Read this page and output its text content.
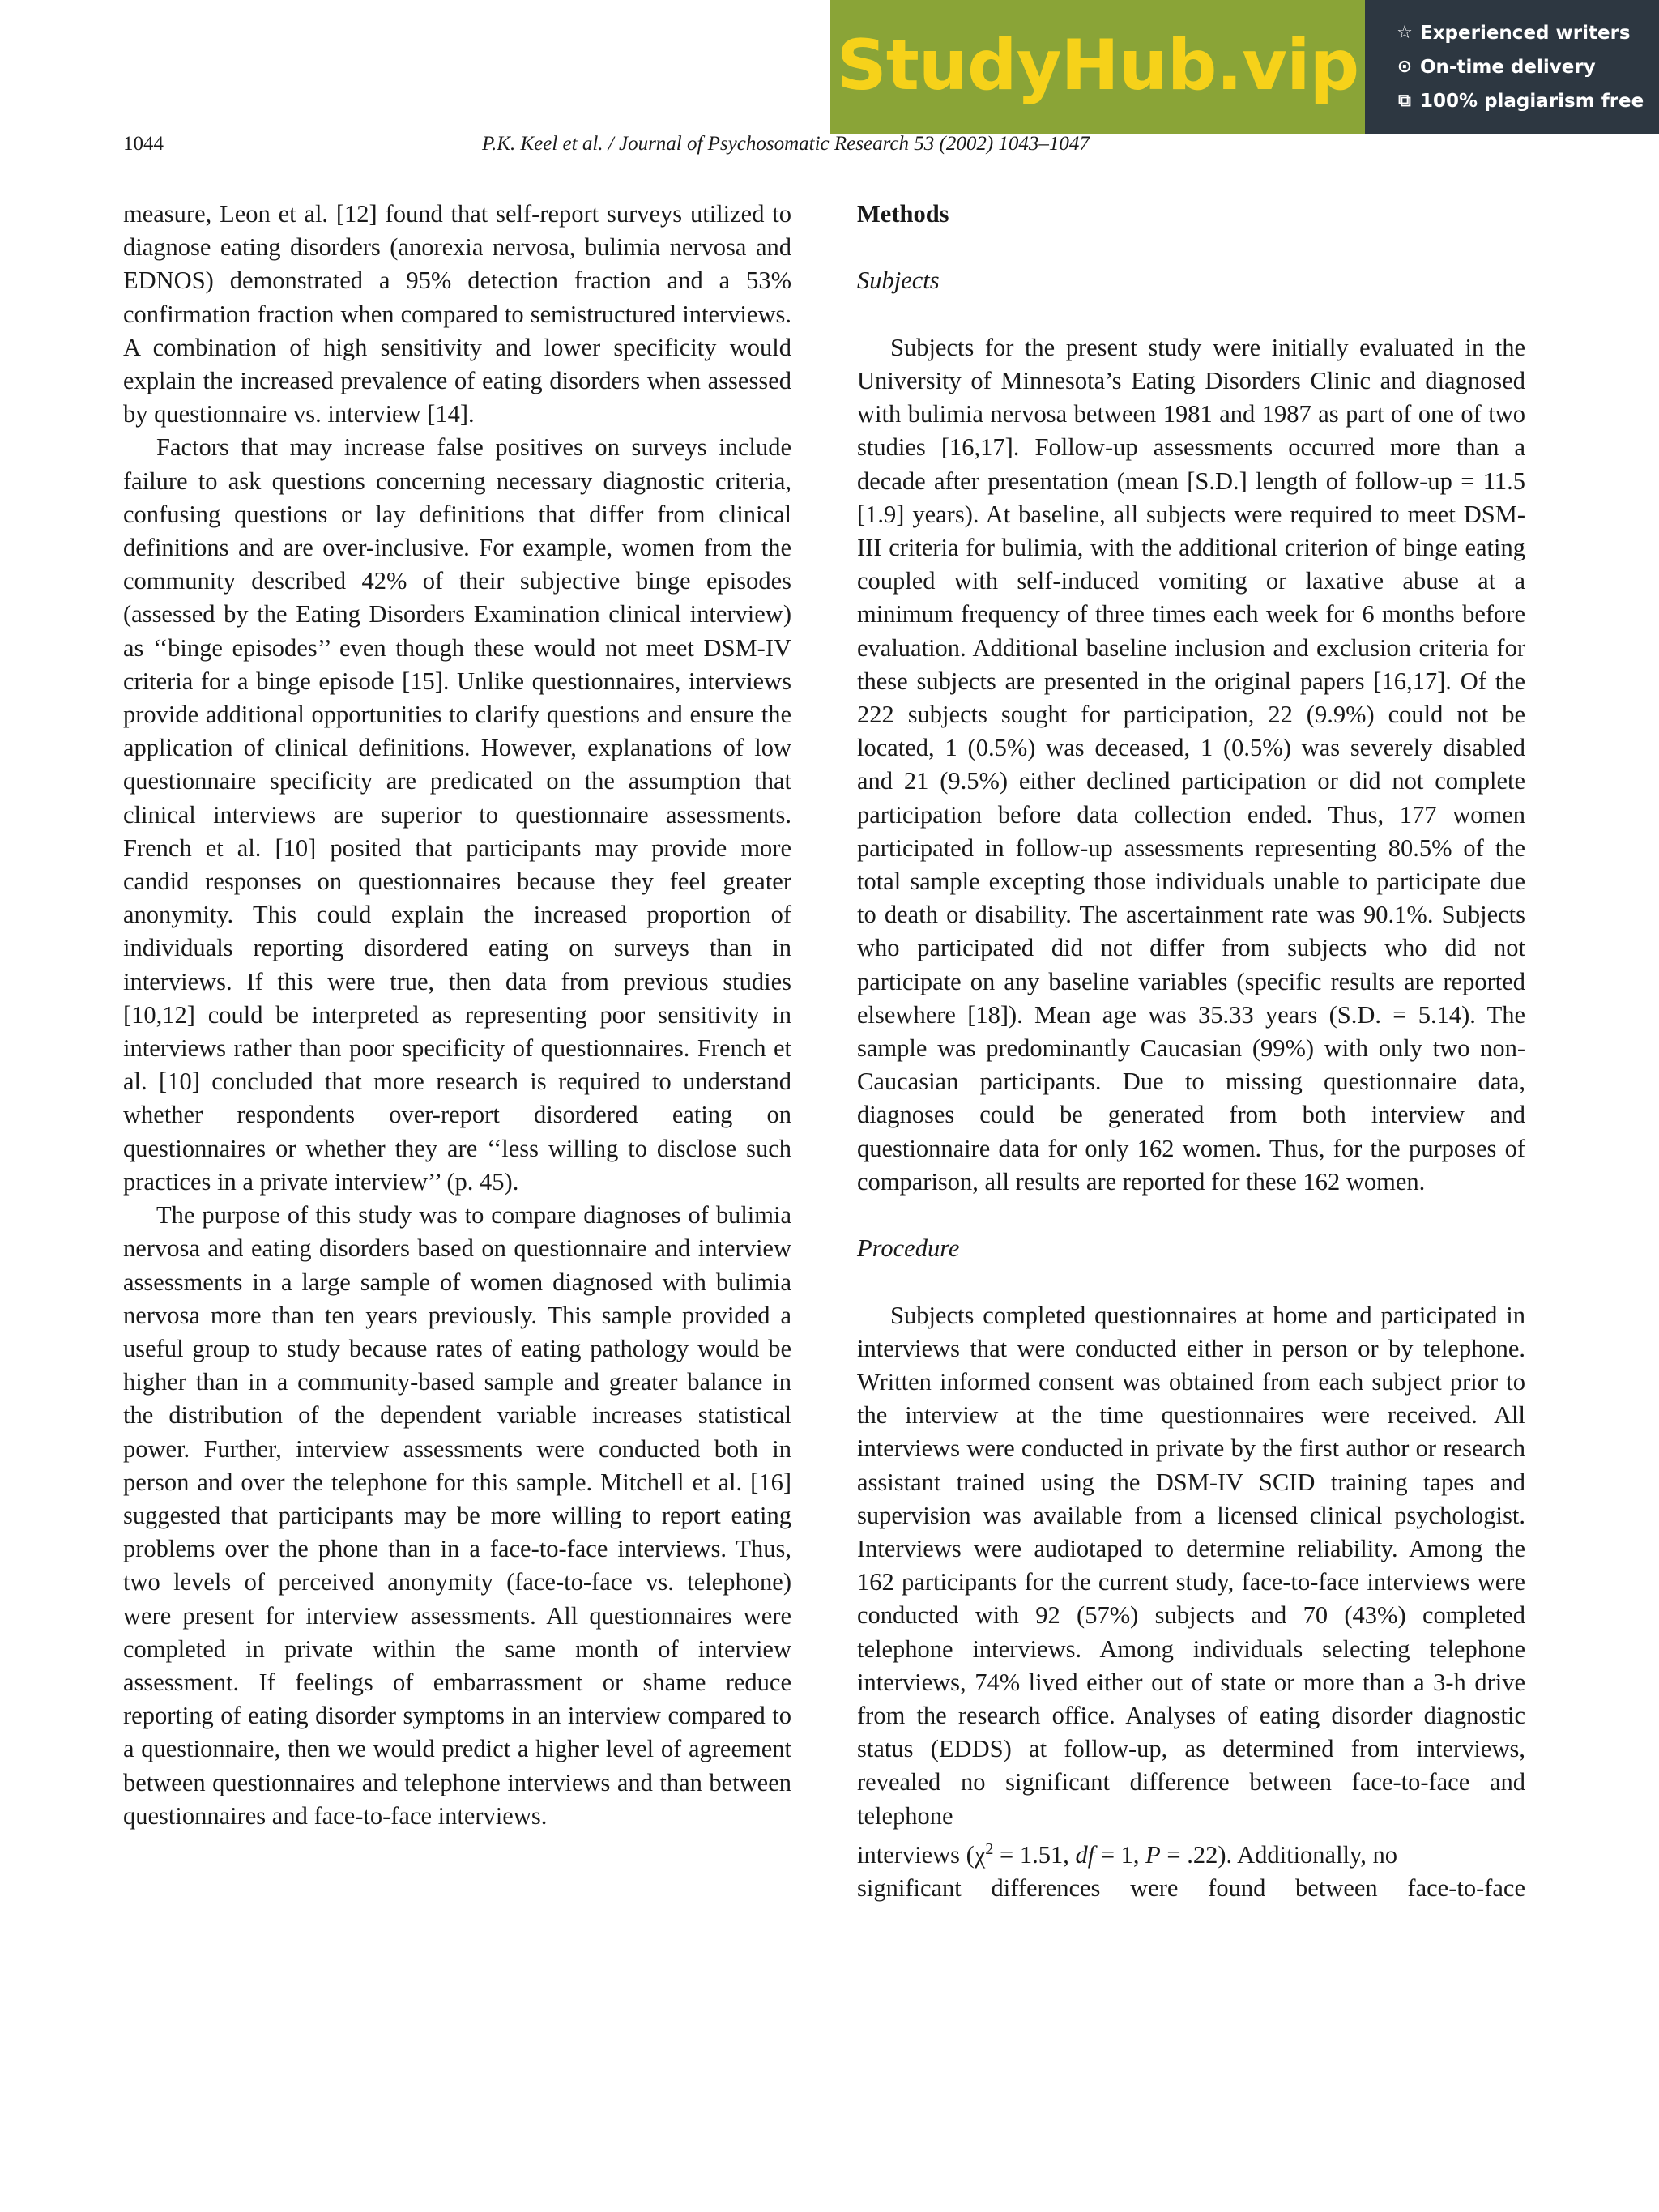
StudyHub.vip ☆ Experienced writers
⊙ On-time delivery
⧉ 100% plagiarism free
1044	P.K. Keel et al. / Journal of Psychosomatic Research 53 (2002) 1043–1047

measure, Leon et al. [12] found that self-report surveys utilized to diagnose eating disorders (anorexia nervosa, bulimia nervosa and EDNOS) demonstrated a 95% detection fraction and a 53% confirmation fraction when compared to semistructured interviews. A combination of high sensitivity and lower specificity would explain the increased prevalence of eating disorders when assessed by questionnaire vs. interview [14].

Factors that may increase false positives on surveys include failure to ask questions concerning necessary diagnostic criteria, confusing questions or lay definitions that differ from clinical definitions and are over-inclusive. For example, women from the community described 42% of their subjective binge episodes (assessed by the Eating Disorders Examination clinical interview) as ‘‘binge episodes’’ even though these would not meet DSM-IV criteria for a binge episode [15]. Unlike questionnaires, interviews provide additional opportunities to clarify questions and ensure the application of clinical definitions. However, explanations of low questionnaire specificity are predicated on the assumption that clinical interviews are superior to questionnaire assessments. French et al. [10] posited that participants may provide more candid responses on questionnaires because they feel greater anonymity. This could explain the increased proportion of individuals reporting disordered eating on surveys than in interviews. If this were true, then data from previous studies [10,12] could be interpreted as representing poor sensitivity in interviews rather than poor specificity of questionnaires. French et al. [10] concluded that more research is required to understand whether respondents over-report disordered eating on questionnaires or whether they are ‘‘less willing to disclose such practices in a private interview’’ (p. 45).

The purpose of this study was to compare diagnoses of bulimia nervosa and eating disorders based on questionnaire and interview assessments in a large sample of women diagnosed with bulimia nervosa more than ten years previously. This sample provided a useful group to study because rates of eating pathology would be higher than in a community-based sample and greater balance in the distribution of the dependent variable increases statistical power. Further, interview assessments were conducted both in person and over the telephone for this sample. Mitchell et al. [16] suggested that participants may be more willing to report eating problems over the phone than in a face-to-face interviews. Thus, two levels of perceived anonymity (face-to-face vs. telephone) were present for interview assessments. All questionnaires were completed in private within the same month of interview assessment. If feelings of embarrassment or shame reduce reporting of eating disorder symptoms in an interview compared to a questionnaire, then we would predict a higher level of agreement between questionnaires and telephone interviews and than between questionnaires and face-to-face interviews.

Methods

Subjects

Subjects for the present study were initially evaluated in the University of Minnesota’s Eating Disorders Clinic and diagnosed with bulimia nervosa between 1981 and 1987 as part of one of two studies [16,17]. Follow-up assessments occurred more than a decade after presentation (mean [S.D.] length of follow-up = 11.5 [1.9] years). At baseline, all subjects were required to meet DSM-III criteria for bulimia, with the additional criterion of binge eating coupled with self-induced vomiting or laxative abuse at a minimum frequency of three times each week for 6 months before evaluation. Additional baseline inclusion and exclusion criteria for these subjects are presented in the original papers [16,17]. Of the 222 subjects sought for participation, 22 (9.9%) could not be located, 1 (0.5%) was deceased, 1 (0.5%) was severely disabled and 21 (9.5%) either declined participation or did not complete participation before data collection ended. Thus, 177 women participated in follow-up assessments representing 80.5% of the total sample excepting those individuals unable to participate due to death or disability. The ascertainment rate was 90.1%. Subjects who participated did not differ from subjects who did not participate on any baseline variables (specific results are reported elsewhere [18]). Mean age was 35.33 years (S.D. = 5.14). The sample was predominantly Caucasian (99%) with only two non-Caucasian participants. Due to missing questionnaire data, diagnoses could be generated from both interview and questionnaire data for only 162 women. Thus, for the purposes of comparison, all results are reported for these 162 women.

Procedure

Subjects completed questionnaires at home and participated in interviews that were conducted either in person or by telephone. Written informed consent was obtained from each subject prior to the interview at the time questionnaires were received. All interviews were conducted in private by the first author or research assistant trained using the DSM-IV SCID training tapes and supervision was available from a licensed clinical psychologist. Interviews were audiotaped to determine reliability. Among the 162 participants for the current study, face-to-face interviews were conducted with 92 (57%) subjects and 70 (43%) completed telephone interviews. Among individuals selecting telephone interviews, 74% lived either out of state or more than a 3-h drive from the research office. Analyses of eating disorder diagnostic status (EDDS) at follow-up, as determined from interviews, revealed no significant difference between face-to-face and telephone

interviews ($\chi^2 = 1.51$, df = 1, P = .22). Additionally, no

significant differences were found between face-to-face
